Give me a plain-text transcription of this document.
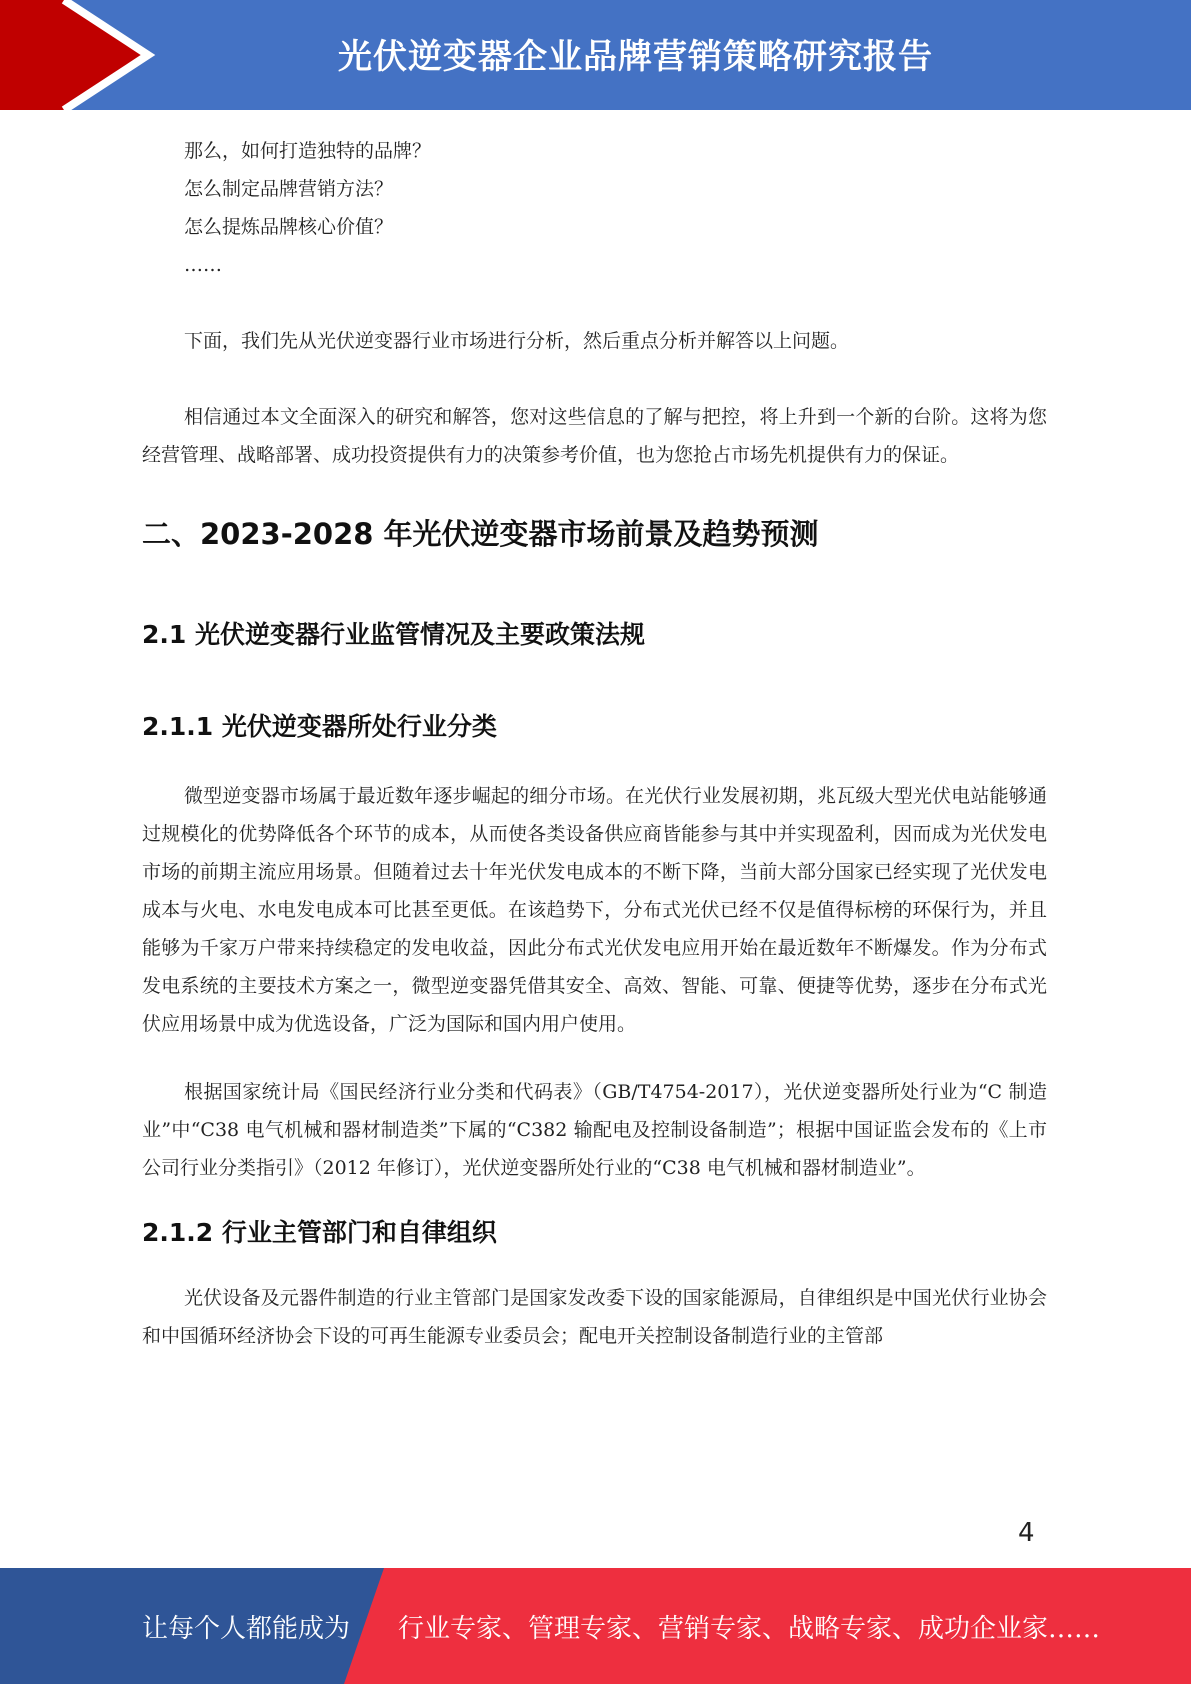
光伏逆变器企业品牌营销策略研究报告

那么，如何打造独特的品牌？

怎么制定品牌营销方法？

怎么提炼品牌核心价值？

……

下面，我们先从光伏逆变器行业市场进行分析，然后重点分析并解答以上问题。

相信通过本文全面深入的研究和解答，您对这些信息的了解与把控，将上升到一个新的台阶。这将为您经营管理、战略部署、成功投资提供有力的决策参考价值，也为您抢占市场先机提供有力的保证。

二、2023-2028 年光伏逆变器市场前景及趋势预测
2.1 光伏逆变器行业监管情况及主要政策法规
2.1.1 光伏逆变器所处行业分类

微型逆变器市场属于最近数年逐步崛起的细分市场。在光伏行业发展初期，兆瓦级大型光伏电站能够通过规模化的优势降低各个环节的成本，从而使各类设备供应商皆能参与其中并实现盈利，因而成为光伏发电市场的前期主流应用场景。但随着过去十年光伏发电成本的不断下降，当前大部分国家已经实现了光伏发电成本与火电、水电发电成本可比甚至更低。在该趋势下，分布式光伏已经不仅是值得标榜的环保行为，并且能够为千家万户带来持续稳定的发电收益，因此分布式光伏发电应用开始在最近数年不断爆发。作为分布式发电系统的主要技术方案之一，微型逆变器凭借其安全、高效、智能、可靠、便捷等优势，逐步在分布式光伏应用场景中成为优选设备，广泛为国际和国内用户使用。

根据国家统计局《国民经济行业分类和代码表》（GB/T4754-2017），光伏逆变器所处行业为“C 制造业”中“C38 电气机械和器材制造类”下属的“C382 输配电及控制设备制造”；根据中国证监会发布的《上市公司行业分类指引》（2012 年修订），光伏逆变器所处行业的“C38 电气机械和器材制造业”。

2.1.2 行业主管部门和自律组织

光伏设备及元器件制造的行业主管部门是国家发改委下设的国家能源局，自律组织是中国光伏行业协会和中国循环经济协会下设的可再生能源专业委员会；配电开关控制设备制造行业的主管部

4
让每个人都能成为 行业专家、管理专家、营销专家、战略专家、成功企业家……
